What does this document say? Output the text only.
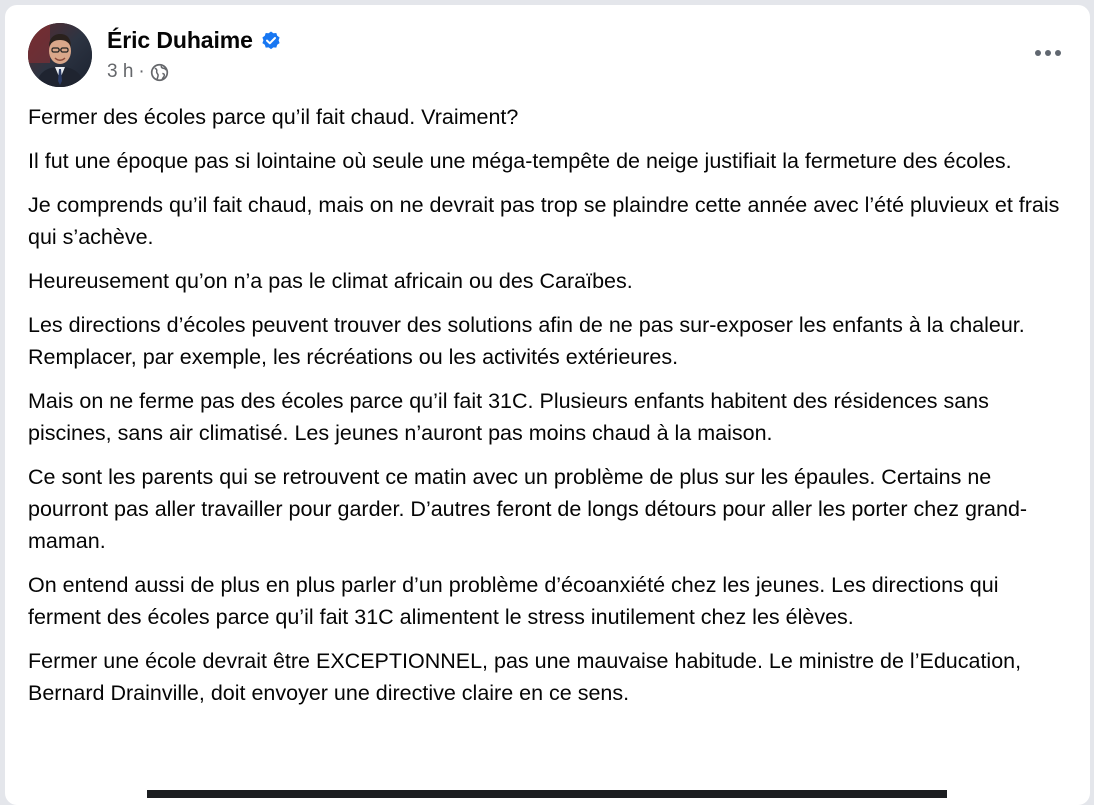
Éric Duhaime
3 h ·

Fermer des écoles parce qu’il fait chaud. Vraiment?

Il fut une époque pas si lointaine où seule une méga-tempête de neige justifiait la fermeture des écoles.

Je comprends qu’il fait chaud, mais on ne devrait pas trop se plaindre cette année avec l’été pluvieux et frais qui s’achève.

Heureusement qu’on n’a pas le climat africain ou des Caraïbes.

Les directions d’écoles peuvent trouver des solutions afin de ne pas sur-exposer les enfants à la chaleur. Remplacer, par exemple, les récréations ou les activités extérieures.

Mais on ne ferme pas des écoles parce qu’il fait 31C. Plusieurs enfants habitent des résidences sans piscines, sans air climatisé. Les jeunes n’auront pas moins chaud à la maison.

Ce sont les parents qui se retrouvent ce matin avec un problème de plus sur les épaules. Certains ne pourront pas aller travailler pour garder. D’autres feront de longs détours pour aller les porter chez grand-maman.

On entend aussi de plus en plus parler d’un problème d’écoanxiété chez les jeunes. Les directions qui ferment des écoles parce qu’il fait 31C alimentent le stress inutilement chez les élèves.

Fermer une école devrait être EXCEPTIONNEL, pas une mauvaise habitude. Le ministre de l’Education, Bernard Drainville, doit envoyer une directive claire en ce sens.
